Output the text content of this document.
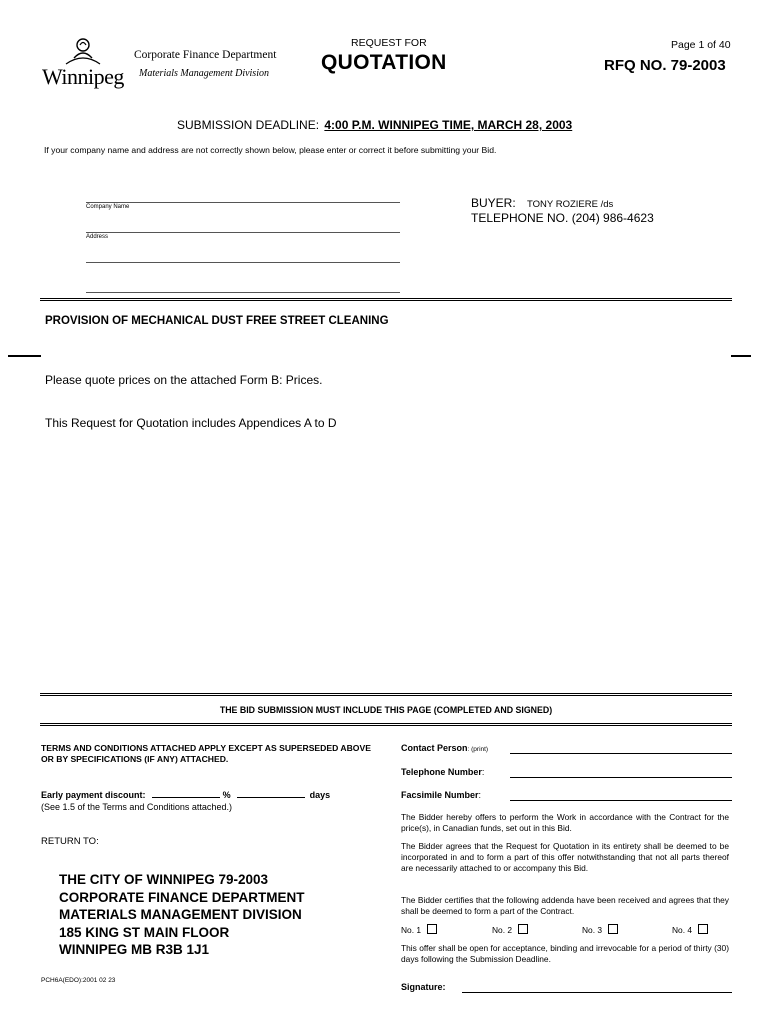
Winnipeg
Corporate Finance Department
Materials Management Division
REQUEST FOR
QUOTATION
Page 1 of 40
RFQ NO. 79-2003
SUBMISSION DEADLINE: 4:00 P.M. WINNIPEG TIME, MARCH 28, 2003
If your company name and address are not correctly shown below, please enter or correct it before submitting your Bid.
Company Name
Address
BUYER: TONY ROZIERE /ds
TELEPHONE NO. (204) 986-4623
PROVISION OF MECHANICAL DUST FREE STREET CLEANING
Please quote prices on the attached Form B: Prices.
This Request for Quotation includes Appendices A to D
THE BID SUBMISSION MUST INCLUDE THIS PAGE (COMPLETED AND SIGNED)
TERMS AND CONDITIONS ATTACHED APPLY EXCEPT AS SUPERSEDED ABOVE OR BY SPECIFICATIONS (IF ANY) ATTACHED.
Early payment discount:	%	days
(See 1.5 of the Terms and Conditions attached.)
RETURN TO:
THE CITY OF WINNIPEG 79-2003
CORPORATE FINANCE DEPARTMENT
MATERIALS MANAGEMENT DIVISION
185 KING ST MAIN FLOOR
WINNIPEG MB R3B 1J1
PCH6A(EDO):2001 02 23
Contact Person: (print)
Telephone Number:
Facsimile Number:
The Bidder hereby offers to perform the Work in accordance with the Contract for the price(s), in Canadian funds, set out in this Bid.
The Bidder agrees that the Request for Quotation in its entirety shall be deemed to be incorporated in and to form a part of this offer notwithstanding that not all parts thereof are necessarily attached to or accompany this Bid.
The Bidder certifies that the following addenda have been received and agrees that they shall be deemed to form a part of the Contract.
No. 1	No. 2	No. 3	No. 4
This offer shall be open for acceptance, binding and irrevocable for a period of thirty (30) days following the Submission Deadline.
Signature:
